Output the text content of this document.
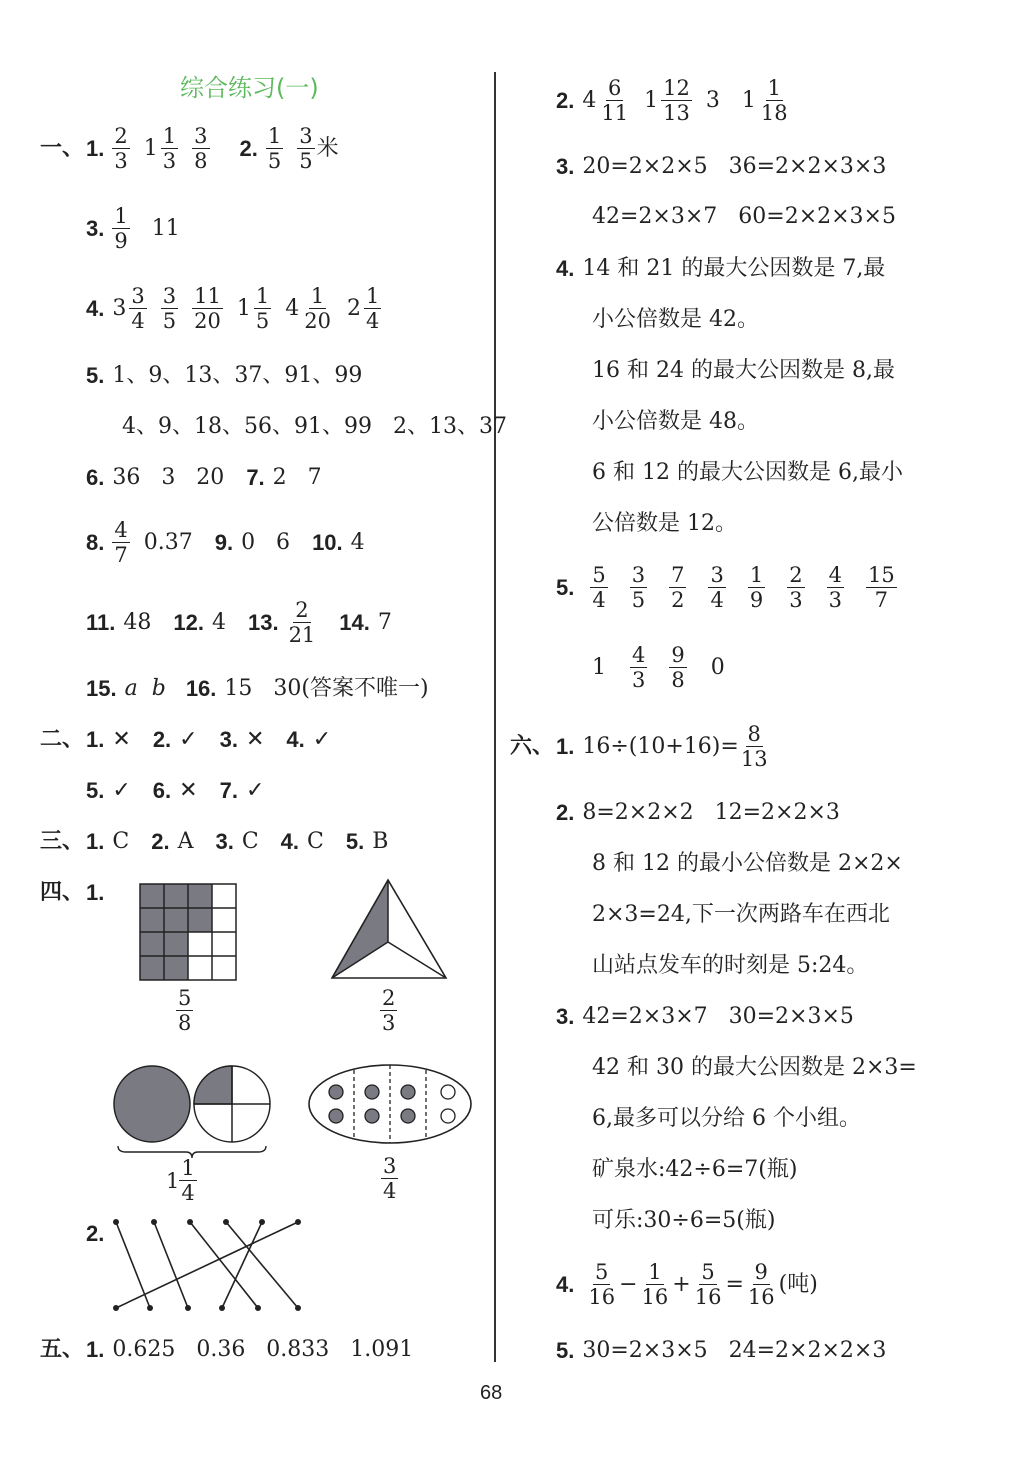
综合练习(一)
一、 1. $\frac{2}{3} 1 \frac{1}{3} \frac{3}{8} 2$. $\frac{1}{5} \frac{3}{5}$ 米
3. $\frac{1}{9} 11$
4. $3 \frac{3}{4} \frac{3}{5} \frac{11}{20} 1 \frac{1}{5} 4 \frac{1}{20} 2 \frac{1}{4}$
5. 1、9、13、37、91、99
4、9、18、56、91、99   2、13、37
6. 36   3   20 7. 2   7
8. $\frac{4}{7} 0.37$ 9. 0   6 10. 4
11. 48 12. 4 13. $\frac{2}{21} 14$. 7
15. a b 16. 15   30(答案不唯一)
二、 1. ✕ 2. ✓ 3. ✕ 4. ✓
5. ✓ 6. ✕ 7. ✓
三、 1. C 2. A 3. C 4. C 5. B
四、 1.
$\frac{5}{8}$	$\frac{2}{3}$
$1 \frac{1}{4}$	$\frac{3}{4}$
2.
五、 1. 0.625   0.36   0.833   1.091
2. $4 \frac{6}{11} 1 \frac{12}{13} 3$ $1 \frac{1}{18}$
3. 20=2×2×5   36=2×2×3×3
42=2×3×7   60=2×2×3×5
4. 14 和 21 的最大公因数是 7,最
小公倍数是 42。
16 和 24 的最大公因数是 8,最
小公倍数是 48。
6 和 12 的最大公因数是 6,最小
公倍数是 12。
5. $\frac{5}{4} \frac{3}{5} \frac{7}{2} \frac{3}{4} \frac{1}{9} \frac{2}{3} \frac{4}{3} \frac{15}{7}$
$1 \frac{4}{3} \frac{9}{8} 0$
六、 1. $16\div(10+16)= \frac{8}{13}$
2. 8=2×2×2   12=2×2×3
8 和 12 的最小公倍数是 2×2×
2×3=24,下一次两路车在西北
山站点发车的时刻是 5:24。
3. 42=2×3×7   30=2×3×5
42 和 30 的最大公因数是 2×3=
6,最多可以分给 6 个小组。
矿泉水:42÷6=7(瓶)
可乐:30÷6=5(瓶)
4. $\frac{5}{16} - \frac{1}{16} + \frac{5}{16} = \frac{9}{16}$ (吨)
5. 30=2×3×5   24=2×2×2×3
68
